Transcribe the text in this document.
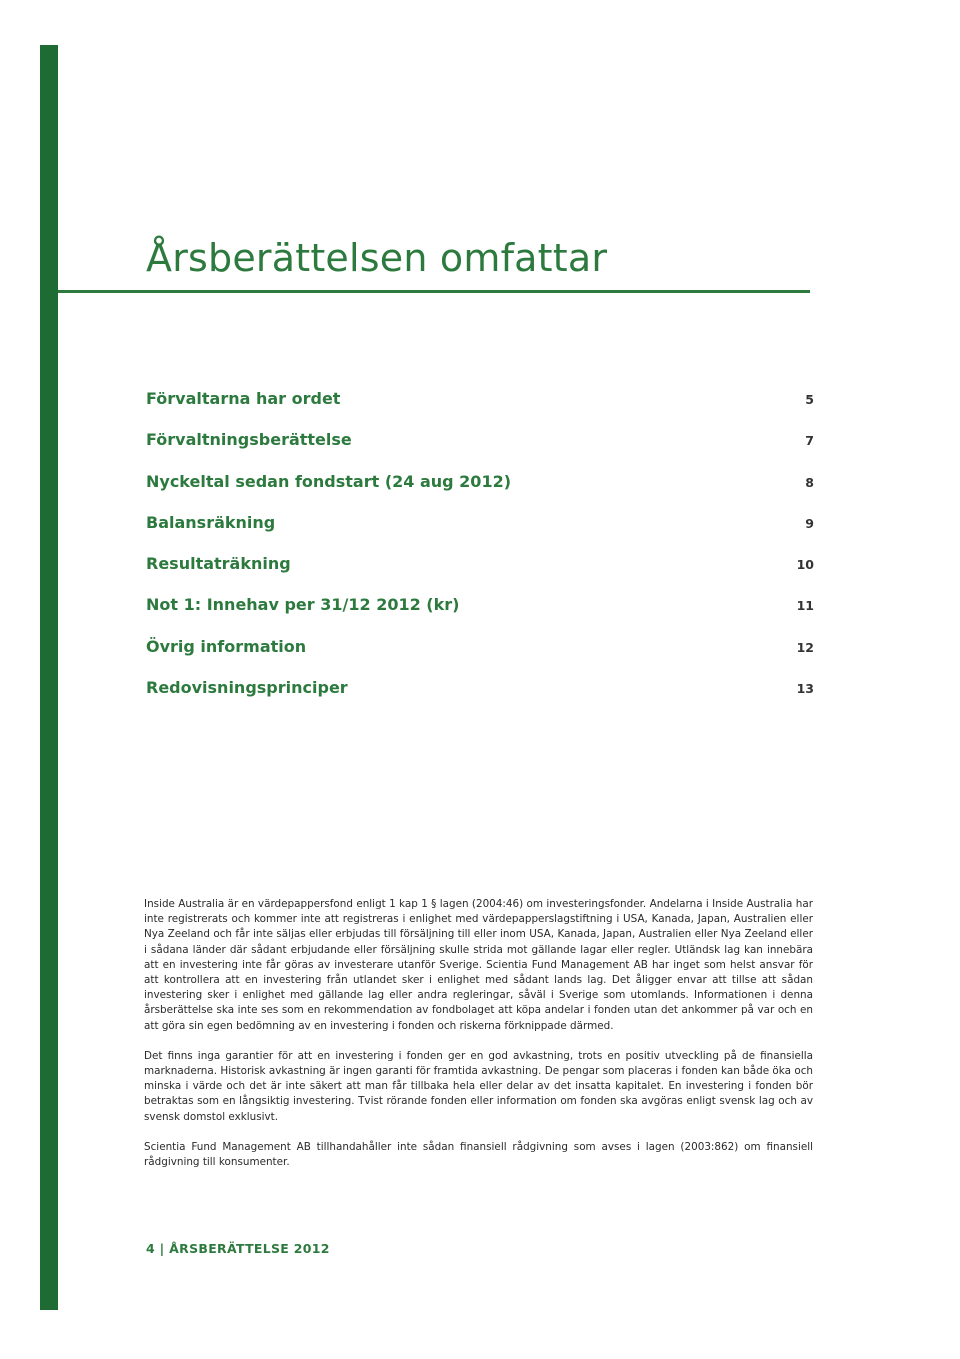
Årsberättelsen omfattar
Förvaltarna har ordet	5
Förvaltningsberättelse	7
Nyckeltal sedan fondstart (24 aug 2012)	8
Balansräkning	9
Resultaträkning	10
Not 1: Innehav per 31/12 2012 (kr)	11
Övrig information	12
Redovisningsprinciper	13

Inside Australia är en värdepappersfond enligt 1 kap 1 § lagen (2004:46) om investeringsfonder. Andelarna i Inside Australia har inte registrerats och kommer inte att registreras i enlighet med värdepapperslagstiftning i USA, Kanada, Japan, Australien eller Nya Zeeland och får inte säljas eller erbjudas till försäljning till eller inom USA, Kanada, Japan, Australien eller Nya Zeeland eller i sådana länder där sådant erbjudande eller försäljning skulle strida mot gällande lagar eller regler. Utländsk lag kan innebära att en investering inte får göras av investerare utanför Sverige. Scientia Fund Management AB har inget som helst ansvar för att kontrollera att en investering från utlandet sker i enlighet med sådant lands lag. Det åligger envar att tillse att sådan investering sker i enlighet med gällande lag eller andra regleringar, såväl i Sverige som utomlands. Informationen i denna årsberättelse ska inte ses som en rekommendation av fondbolaget att köpa andelar i fonden utan det ankommer på var och en att göra sin egen bedömning av en investering i fonden och riskerna förknippade därmed.

Det finns inga garantier för att en investering i fonden ger en god avkastning, trots en positiv utveckling på de finansiella marknaderna. Historisk avkastning är ingen garanti för framtida avkastning. De pengar som placeras i fonden kan både öka och minska i värde och det är inte säkert att man får tillbaka hela eller delar av det insatta kapitalet. En investering i fonden bör betraktas som en långsiktig investering. Tvist rörande fonden eller information om fonden ska avgöras enligt svensk lag och av svensk domstol exklusivt.

Scientia Fund Management AB tillhandahåller inte sådan finansiell rådgivning som avses i lagen (2003:862) om finansiell rådgivning till konsumenter.

4 | ÅRSBERÄTTELSE 2012
